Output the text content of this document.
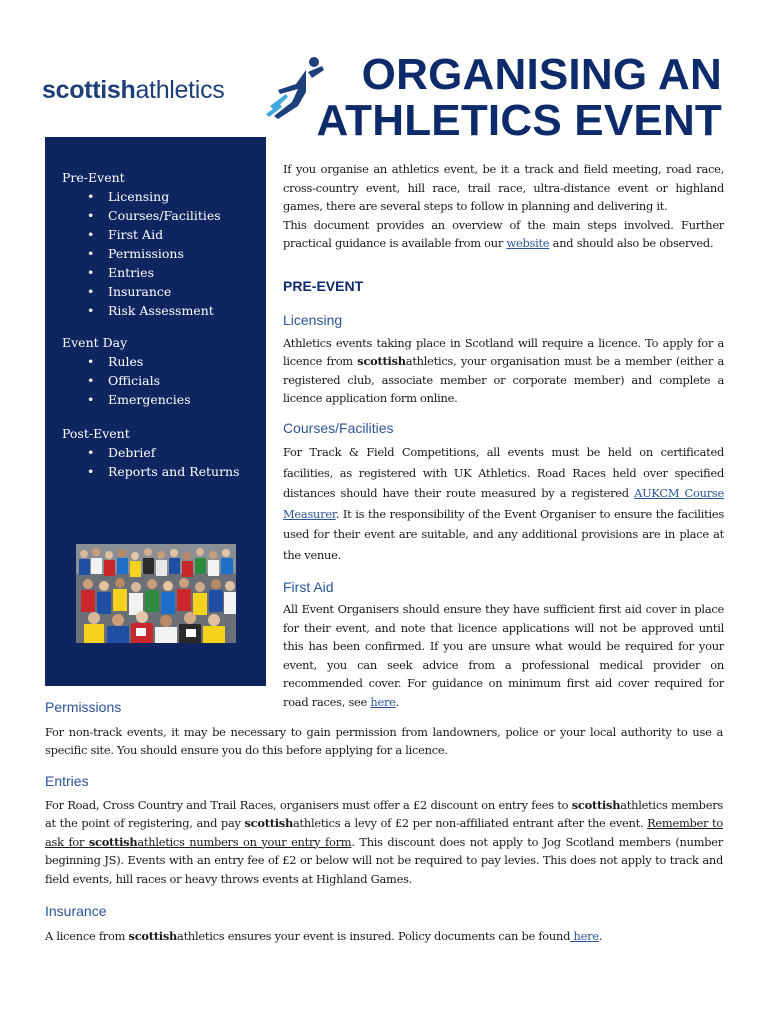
scottishathletics	ORGANISING AN
ATHLETICS EVENT
Pre-Event
• Licensing
• Courses/Facilities
• First Aid
• Permissions
• Entries
• Insurance
• Risk Assessment
Event Day
• Rules
• Officials
• Emergencies
Post-Event
• Debrief
• Reports and Returns

If you organise an athletics event, be it a track and field meeting, road race, cross-country event, hill race, trail race, ultra-distance event or highland games, there are several steps to follow in planning and delivering it.

This document provides an overview of the main steps involved. Further practical guidance is available from our website and should also be observed.

PRE-EVENT
Licensing

Athletics events taking place in Scotland will require a licence. To apply for a licence from scottishathletics, your organisation must be a member (either a registered club, associate member or corporate member) and complete a licence application form online.

Courses/Facilities

For Track & Field Competitions, all events must be held on certificated facilities, as registered with UK Athletics. Road Races held over specified distances should have their route measured by a registered AUKCM Course Measurer. It is the responsibility of the Event Organiser to ensure the facilities used for their event are suitable, and any additional provisions are in place at the venue.

First Aid

All Event Organisers should ensure they have sufficient first aid cover in place for their event, and note that licence applications will not be approved until this has been confirmed. If you are unsure what would be required for your event, you can seek advice from a professional medical provider on recommended cover. For guidance on minimum first aid cover required for road races, see here.

Permissions

For non-track events, it may be necessary to gain permission from landowners, police or your local authority to use a specific site. You should ensure you do this before applying for a licence.

Entries

For Road, Cross Country and Trail Races, organisers must offer a £2 discount on entry fees to scottishathletics members at the point of registering, and pay scottishathletics a levy of £2 per non-affiliated entrant after the event. Remember to ask for scottishathletics numbers on your entry form. This discount does not apply to Jog Scotland members (number beginning JS). Events with an entry fee of £2 or below will not be required to pay levies. This does not apply to track and field events, hill races or heavy throws events at Highland Games.

Insurance

A licence from scottishathletics ensures your event is insured. Policy documents can be found here.
